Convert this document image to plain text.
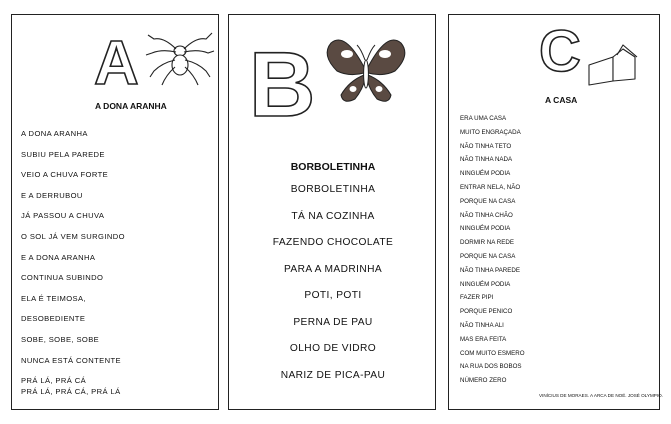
A
A DONA ARANHA
A DONA ARANHA
SUBIU PELA PAREDE
VEIO A CHUVA FORTE
E A DERRUBOU
JÁ PASSOU A CHUVA
O SOL JÁ VEM SURGINDO
E A DONA ARANHA
CONTINUA SUBINDO
ELA É TEIMOSA,
DESOBEDIENTE
SOBE, SOBE, SOBE
NUNCA ESTÁ CONTENTE
PRÁ LÁ, PRÁ CÁ
PRÁ LÁ, PRÁ CÁ, PRÁ LÁ
B
BORBOLETINHA
BORBOLETINHA
TÁ NA COZINHA
FAZENDO CHOCOLATE
PARA A MADRINHA
POTI, POTI
PERNA DE PAU
OLHO DE VIDRO
NARIZ DE PICA-PAU
C
A CASA
ERA UMA CASA
MUITO ENGRAÇADA
NÃO TINHA TETO
NÃO TINHA NADA
NINGUÉM PODIA
ENTRAR NELA, NÃO
PORQUE NA CASA
NÃO TINHA CHÃO
NINGUÉM PODIA
DORMIR NA REDE
PORQUE NA CASA
NÃO TINHA PAREDE
NINGUÉM PODIA
FAZER PIPI
PORQUE PENICO
NÃO TINHA ALI
MAS ERA FEITA
COM MUITO ESMERO
NA RUA DOS BOBOS
NÚMERO ZERO
VINÍCIUS DE MORAES. A ARCA DE NOÉ. JOSÉ OLYMPIO.
